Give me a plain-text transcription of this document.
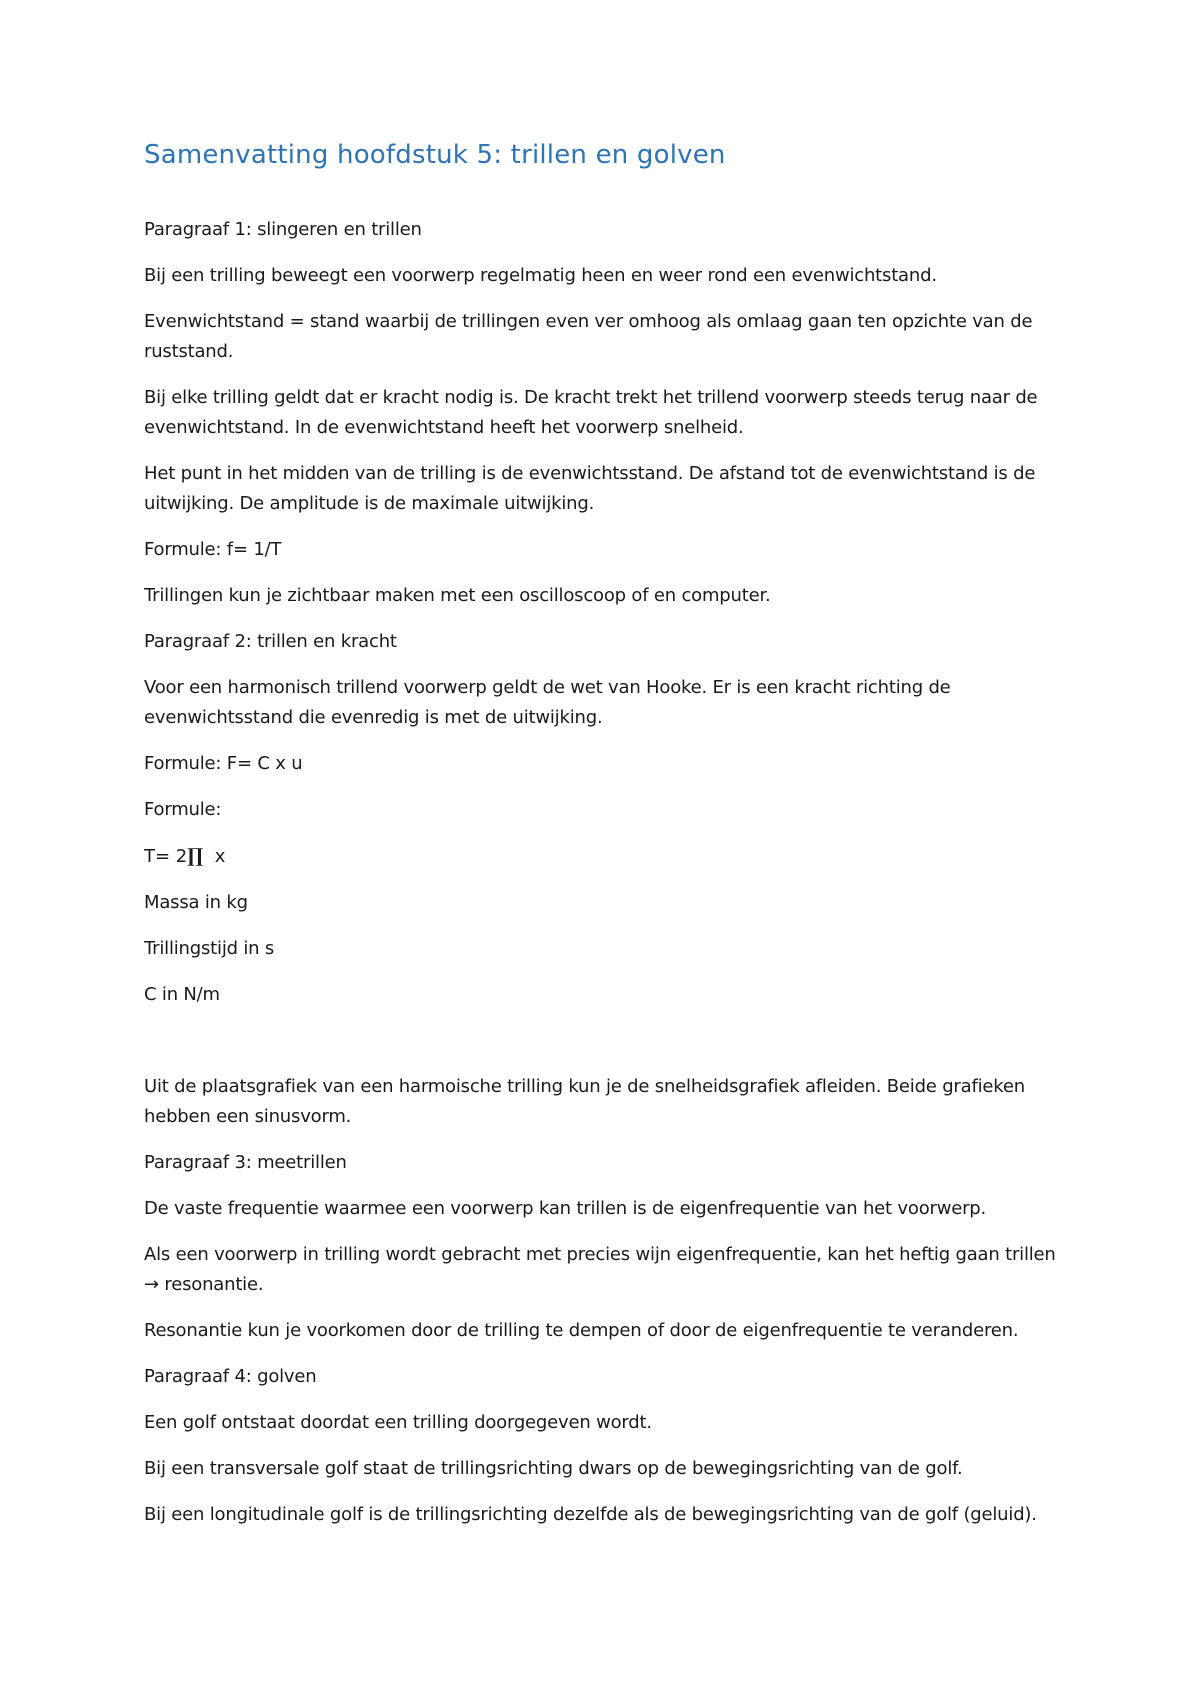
Samenvatting hoofdstuk 5: trillen en golven

Paragraaf 1: slingeren en trillen

Bij een trilling beweegt een voorwerp regelmatig heen en weer rond een evenwichtstand.

Evenwichtstand = stand waarbij de trillingen even ver omhoog als omlaag gaan ten opzichte van de ruststand.

Bij elke trilling geldt dat er kracht nodig is. De kracht trekt het trillend voorwerp steeds terug naar de evenwichtstand. In de evenwichtstand heeft het voorwerp snelheid.

Het punt in het midden van de trilling is de evenwichtsstand. De afstand tot de evenwichtstand is de uitwijking. De amplitude is de maximale uitwijking.

Formule: f= 1/T

Trillingen kun je zichtbaar maken met een oscilloscoop of en computer.

Paragraaf 2: trillen en kracht

Voor een harmonisch trillend voorwerp geldt de wet van Hooke. Er is een kracht richting de evenwichtsstand die evenredig is met de uitwijking.

Formule: F= C x u

Formule:

T= 2∏  x

Massa in kg

Trillingstijd in s

C in N/m

Uit de plaatsgrafiek van een harmoische trilling kun je de snelheidsgrafiek afleiden. Beide grafieken hebben een sinusvorm.

Paragraaf 3: meetrillen

De vaste frequentie waarmee een voorwerp kan trillen is de eigenfrequentie van het voorwerp.

Als een voorwerp in trilling wordt gebracht met precies wijn eigenfrequentie, kan het heftig gaan trillen → resonantie.

Resonantie kun je voorkomen door de trilling te dempen of door de eigenfrequentie te veranderen.

Paragraaf 4: golven

Een golf ontstaat doordat een trilling doorgegeven wordt.

Bij een transversale golf staat de trillingsrichting dwars op de bewegingsrichting van de golf.

Bij een longitudinale golf is de trillingsrichting dezelfde als de bewegingsrichting van de golf (geluid).
